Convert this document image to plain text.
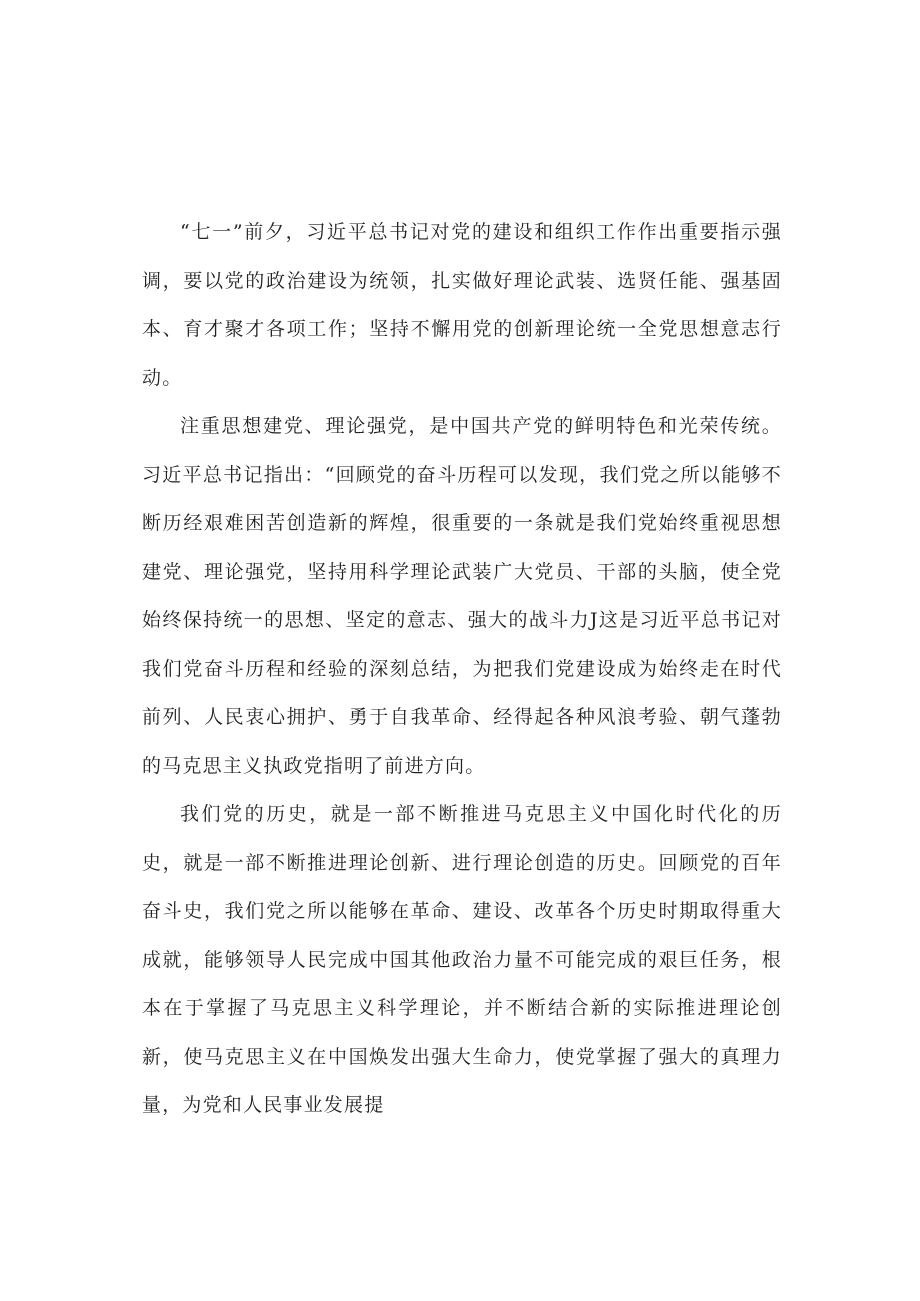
“七一”前夕，习近平总书记对党的建设和组织工作作出重要指示强调，要以党的政治建设为统领，扎实做好理论武装、选贤任能、强基固本、育才聚才各项工作；坚持不懈用党的创新理论统一全党思想意志行动。

注重思想建党、理论强党，是中国共产党的鲜明特色和光荣传统。习近平总书记指出：“回顾党的奋斗历程可以发现，我们党之所以能够不断历经艰难困苦创造新的辉煌，很重要的一条就是我们党始终重视思想建党、理论强党，坚持用科学理论武装广大党员、干部的头脑，使全党始终保持统一的思想、坚定的意志、强大的战斗力J这是习近平总书记对我们党奋斗历程和经验的深刻总结，为把我们党建设成为始终走在时代前列、人民衷心拥护、勇于自我革命、经得起各种风浪考验、朝气蓬勃的马克思主义执政党指明了前进方向。

我们党的历史，就是一部不断推进马克思主义中国化时代化的历史，就是一部不断推进理论创新、进行理论创造的历史。回顾党的百年奋斗史，我们党之所以能够在革命、建设、改革各个历史时期取得重大成就，能够领导人民完成中国其他政治力量不可能完成的艰巨任务，根本在于掌握了马克思主义科学理论，并不断结合新的实际推进理论创新，使马克思主义在中国焕发出强大生命力，使党掌握了强大的真理力量，为党和人民事业发展提
